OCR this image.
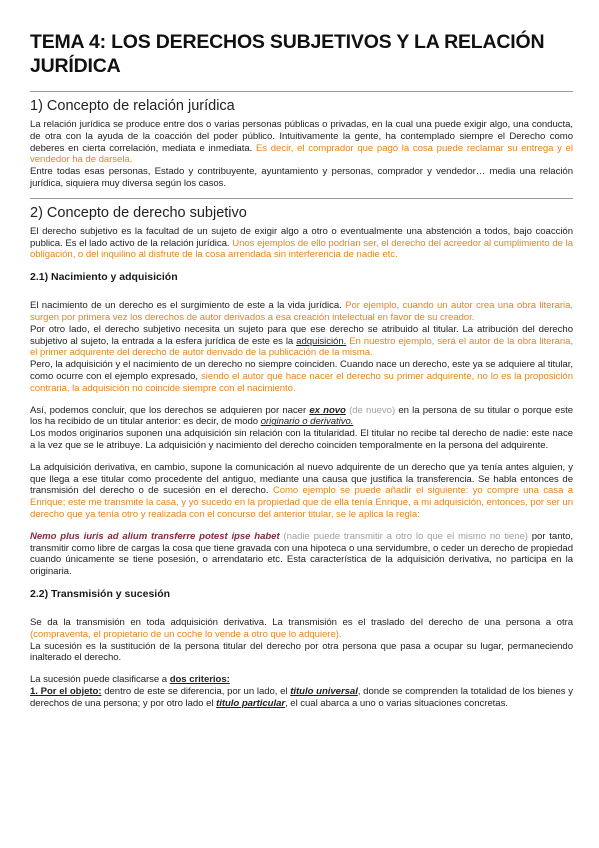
TEMA 4: LOS DERECHOS SUBJETIVOS Y LA RELACIÓN JURÍDICA
1) Concepto de relación jurídica

La relación jurídica se produce entre dos o varias personas públicas o privadas, en la cual una puede exigir algo, una conducta, de otra con la ayuda de la coacción del poder público. Intuitivamente la gente, ha contemplado siempre el Derecho como deberes en cierta correlación, mediata e inmediata. Es decir, el comprador que pagó la cosa puede reclamar su entrega y el vendedor ha de darsela.

Entre todas esas personas, Estado y contribuyente, ayuntamiento y personas, comprador y vendedor… media una relación jurídica, siquiera muy diversa según los casos.

2) Concepto de derecho subjetivo

El derecho subjetivo es la facultad de un sujeto de exigir algo a otro o eventualmente una abstención a todos, bajo coacción publica. Es el lado activo de la relación jurídica. Unos ejemplos de ello podrían ser, el derecho del acreedor al cumplimiento de la obligación, o del inquilino al disfrute de la cosa arrendada sin interferencia de nadie etc.

2.1) Nacimiento y adquisición

El nacimiento de un derecho es el surgimiento de este a la vida jurídica. Por ejemplo, cuando un autor crea una obra literaria, surgen por primera vez los derechos de autor derivados a esa creación intelectual en favor de su creador.

Por otro lado, el derecho subjetivo necesita un sujeto para que ese derecho se atribuido al titular. La atribución del derecho subjetivo al sujeto, la entrada a la esfera jurídica de este es la adquisición. En nuestro ejemplo, será el autor de la obra literaria, el primer adquirente del derecho de autor derivado de la publicación de la misma.

Pero, la adquisición y el nacimiento de un derecho no siempre coinciden. Cuando nace un derecho, este ya se adquiere al titular, como ocurre con el ejemplo expresado, siendo el autor que hace nacer el derecho su primer adquirente, no lo es la proposición contraria, la adquisición no coincide siempre con el nacimiento.

Así, podemos concluir, que los derechos se adquieren por nacer ex novo (de nuevo) en la persona de su titular o porque este los ha recibido de un titular anterior: es decir, de modo originario o derivativo.

Los modos originarios suponen una adquisición sin relación con la titularidad. El titular no recibe tal derecho de nadie: este nace a la vez que se le atribuye. La adquisición y nacimiento del derecho coinciden temporalmente en la persona del adquirente.

La adquisición derivativa, en cambio, supone la comunicación al nuevo adquirente de un derecho que ya tenía antes alguien, y que llega a ese titular como procedente del antiguo, mediante una causa que justifica la transferencia. Se habla entonces de transmisión del derecho o de sucesión en el derecho. Como ejemplo se puede añadir el siguiente: yo compre una casa a Enrique; este me transmite la casa, y yo sucedo en la propiedad que de ella tenía Enrique, a mi adquisición, entonces, por ser un derecho que ya tenía otro y realizada con el concurso del anterior titular, se le aplica la regla:

Nemo plus iuris ad alium transferre potest ipse habet (nadie puede transmitir a otro lo que el mismo no tiene) por tanto, transmitir como libre de cargas la cosa que tiene gravada con una hipoteca o una servidumbre, o ceder un derecho de propiedad cuando únicamente se tiene posesión, o arrendatario etc. Esta característica de la adquisición derivativa, no participa en la originaria.

2.2) Transmisión y sucesión

Se da la transmisión en toda adquisición derivativa. La transmisión es el traslado del derecho de una persona a otra (compraventa, el propietario de un coche lo vende a otro que lo adquiere).

La sucesión es la sustitución de la persona titular del derecho por otra persona que pasa a ocupar su lugar, permaneciendo inalterado el derecho.

La sucesión puede clasificarse a dos criterios:

1. Por el objeto: dentro de este se diferencia, por un lado, el titulo universal, donde se comprenden la totalidad de los bienes y derechos de una persona; y por otro lado el titulo particular, el cual abarca a uno o varias situaciones concretas.
